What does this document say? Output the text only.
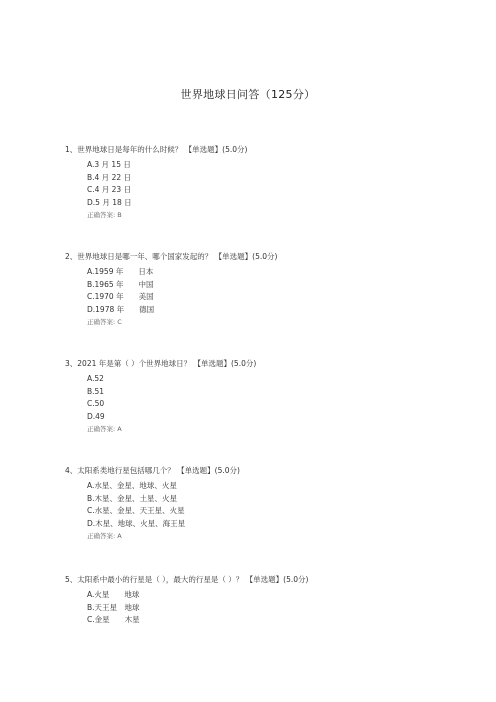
世界地球日问答（125分）
1、世界地球日是每年的什么时候？ 【单选题】(5.0分)
A.3 月 15 日
B.4 月 22 日
C.4 月 23 日
D.5 月 18 日
正确答案: B
2、世界地球日是哪一年、哪个国家发起的？ 【单选题】(5.0分)
A.1959 年　　日本
B.1965 年　　中国
C.1970 年　　美国
D.1978 年　　德国
正确答案: C
3、2021 年是第（ ）个世界地球日？ 【单选题】(5.0分)
A.52
B.51
C.50
D.49
正确答案: A
4、太阳系类地行星包括哪几个？ 【单选题】(5.0分)
A.水星、金星、地球、火星
B.木星、金星、土星、火星
C.水星、金星、天王星、火星
D.木星、地球、火星、海王星
正确答案: A
5、太阳系中最小的行星是（ ），最大的行星是（ ）？ 【单选题】(5.0分)
A.火星　　地球
B.天王星　地球
C.金星　　木星
